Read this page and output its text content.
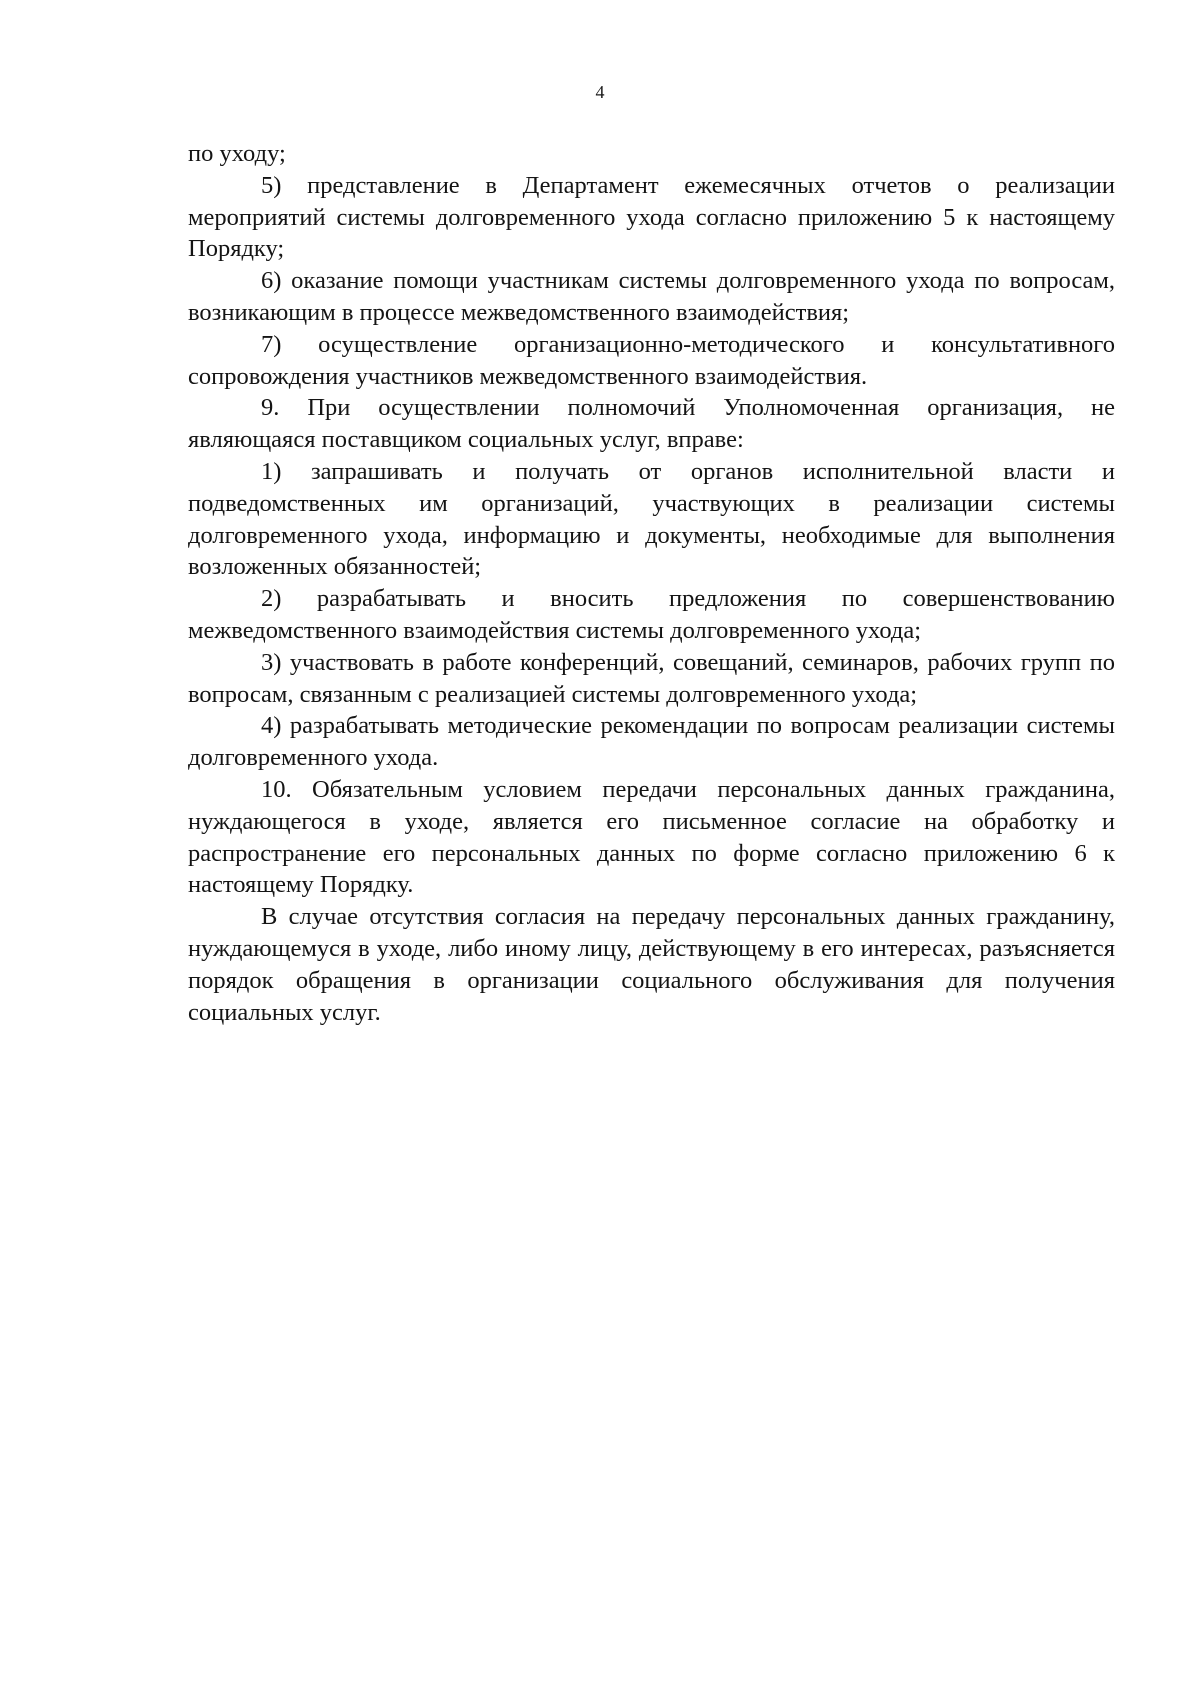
4

по уходу;

5) представление в Департамент ежемесячных отчетов о реализации мероприятий системы долговременного ухода согласно приложению 5 к настоящему Порядку;

6) оказание помощи участникам системы долговременного ухода по вопросам, возникающим в процессе межведомственного взаимодействия;

7) осуществление организационно-методического и консультативного сопровождения участников межведомственного взаимодействия.

9. При осуществлении полномочий Уполномоченная организация, не являющаяся поставщиком социальных услуг, вправе:

1) запрашивать и получать от органов исполнительной власти и подведомственных им организаций, участвующих в реализации системы долговременного ухода, информацию и документы, необходимые для выполнения возложенных обязанностей;

2) разрабатывать и вносить предложения по совершенствованию межведомственного взаимодействия системы долговременного ухода;

3) участвовать в работе конференций, совещаний, семинаров, рабочих групп по вопросам, связанным с реализацией системы долговременного ухода;

4) разрабатывать методические рекомендации по вопросам реализации системы долговременного ухода.

10. Обязательным условием передачи персональных данных гражданина, нуждающегося в уходе, является его письменное согласие на обработку и распространение его персональных данных по форме согласно приложению 6 к настоящему Порядку.

В случае отсутствия согласия на передачу персональных данных гражданину, нуждающемуся в уходе, либо иному лицу, действующему в его интересах, разъясняется порядок обращения в организации социального обслуживания для получения социальных услуг.
